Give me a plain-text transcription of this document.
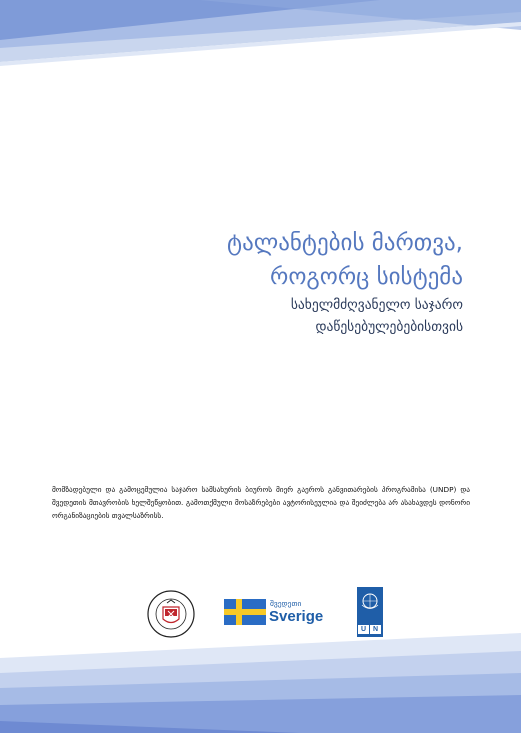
ტალანტების მართვა,
როგორც სისტემა
სახელმძღვანელო საჯარო
დაწესებულებებისთვის
მომზადებული და გამოცემულია საჯარო სამსახურის ბიუროს მიერ გაეროს განვითარების პროგრამისა (UNDP) და შვედეთის მთავრობის ხელშეწყობით. გამოთქმული მოსაზრებები ავტორისეულია და შეიძლება არ ასახავდეს დონორი ორგანიზაციების თვალსაზრისს.
შვედეთი
Sverige
U N
